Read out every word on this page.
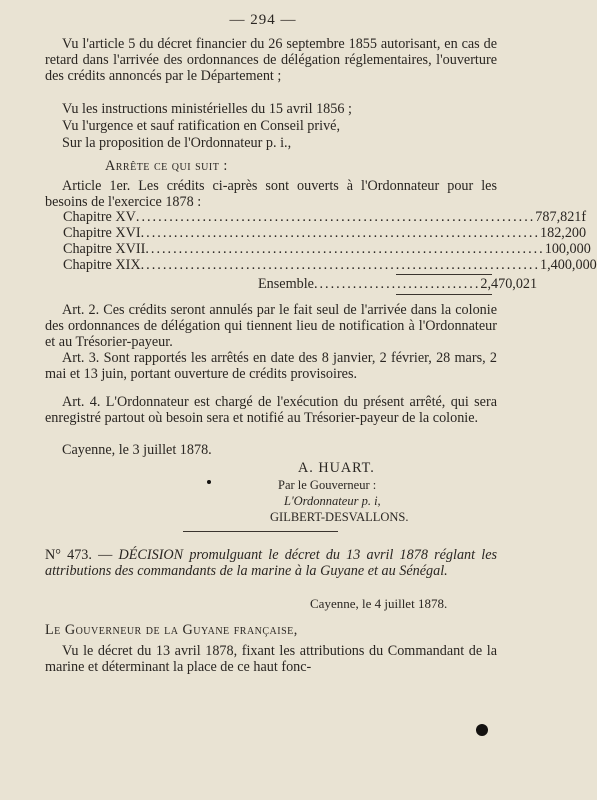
— 294 —
Vu l'article 5 du décret financier du 26 septembre 1855 autorisant, en cas de retard dans l'arrivée des ordonnances de délégation réglementaires, l'ouverture des crédits annoncés par le Département ;
Vu les instructions ministérielles du 15 avril 1856 ;
Vu l'urgence et sauf ratification en Conseil privé,
Sur la proposition de l'Ordonnateur p. i.,
Arrête ce qui suit :
Article 1er. Les crédits ci-après sont ouverts à l'Ordonnateur pour les besoins de l'exercice 1878 :
Chapitre XV ........................................................................ 787,821f
Chapitre XVI ........................................................................ 182,200
Chapitre XVII ........................................................................ 100,000
Chapitre XIX ........................................................................ 1,400,000
Ensemble .............................. 2,470,021
Art. 2. Ces crédits seront annulés par le fait seul de l'arrivée dans la colonie des ordonnances de délégation qui tiennent lieu de notification à l'Ordonnateur et au Trésorier-payeur.
Art. 3. Sont rapportés les arrêtés en date des 8 janvier, 2 février, 28 mars, 2 mai et 13 juin, portant ouverture de crédits provisoires.
Art. 4. L'Ordonnateur est chargé de l'exécution du présent arrêté, qui sera enregistré partout où besoin sera et notifié au Trésorier-payeur de la colonie.
Cayenne, le 3 juillet 1878.
A. HUART.
Par le Gouverneur :
L'Ordonnateur p. i,
GILBERT-DESVALLONS.
N° 473. — DÉCISION promulguant le décret du 13 avril 1878 réglant les attributions des commandants de la marine à la Guyane et au Sénégal.
Cayenne, le 4 juillet 1878.
Le Gouverneur de la Guyane française,
Vu le décret du 13 avril 1878, fixant les attributions du Commandant de la marine et déterminant la place de ce haut fonc-
